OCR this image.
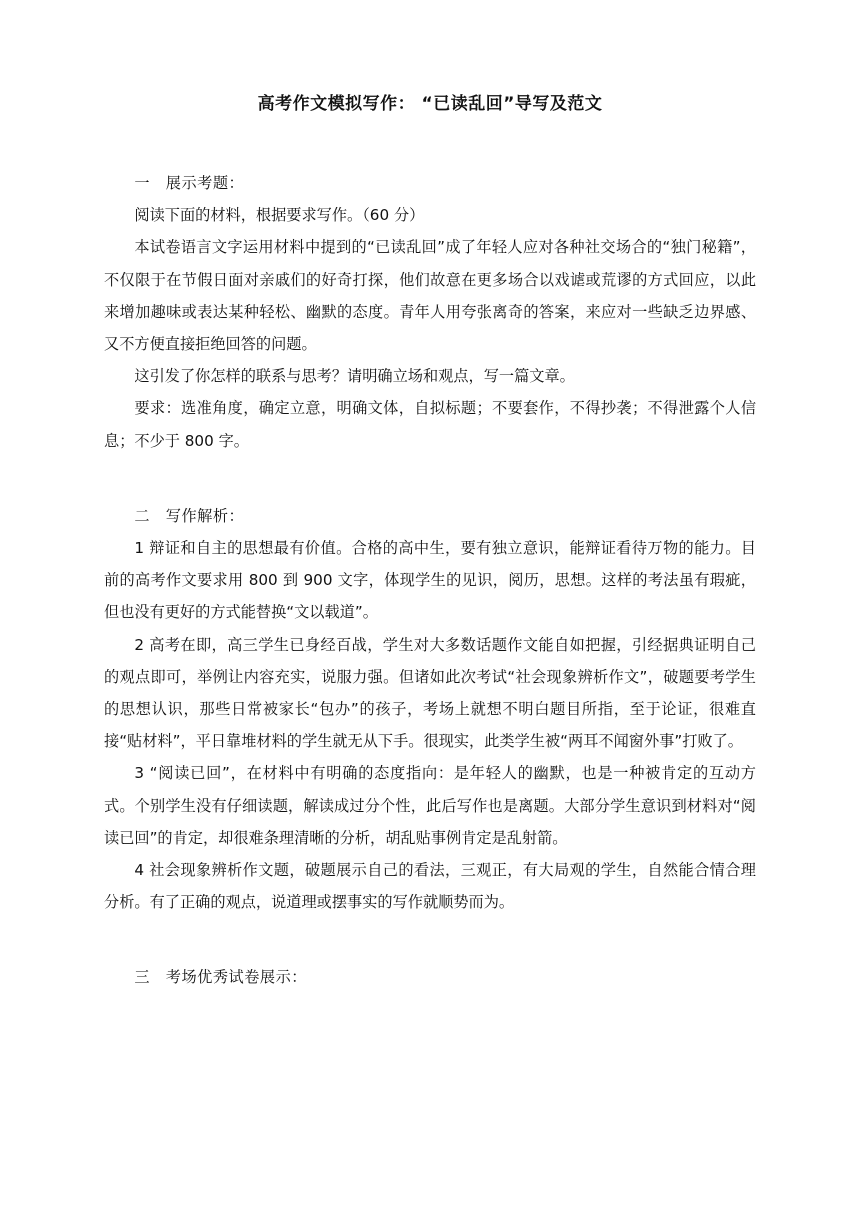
高考作文模拟写作： “已读乱回”导写及范文

一　展示考题：

阅读下面的材料，根据要求写作。（60 分）

本试卷语言文字运用材料中提到的“已读乱回”成了年轻人应对各种社交场合的“独门秘籍”，不仅限于在节假日面对亲戚们的好奇打探，他们故意在更多场合以戏谑或荒谬的方式回应，以此来增加趣味或表达某种轻松、幽默的态度。青年人用夸张离奇的答案，来应对一些缺乏边界感、又不方便直接拒绝回答的问题。

这引发了你怎样的联系与思考？请明确立场和观点，写一篇文章。

要求：选准角度，确定立意，明确文体，自拟标题；不要套作，不得抄袭；不得泄露个人信息；不少于 800 字。

二　写作解析：

1 辩证和自主的思想最有价值。合格的高中生，要有独立意识，能辩证看待万物的能力。目前的高考作文要求用 800 到 900 文字，体现学生的见识，阅历，思想。这样的考法虽有瑕疵，但也没有更好的方式能替换“文以载道”。

2 高考在即，高三学生已身经百战，学生对大多数话题作文能自如把握，引经据典证明自己的观点即可，举例让内容充实，说服力强。但诸如此次考试“社会现象辨析作文”，破题要考学生的思想认识，那些日常被家长“包办”的孩子，考场上就想不明白题目所指，至于论证，很难直接“贴材料”，平日靠堆材料的学生就无从下手。很现实，此类学生被“两耳不闻窗外事”打败了。

3 “阅读已回”，在材料中有明确的态度指向：是年轻人的幽默，也是一种被肯定的互动方式。个别学生没有仔细读题，解读成过分个性，此后写作也是离题。大部分学生意识到材料对“阅读已回”的肯定，却很难条理清晰的分析，胡乱贴事例肯定是乱射箭。

4 社会现象辨析作文题，破题展示自己的看法，三观正，有大局观的学生，自然能合情合理分析。有了正确的观点，说道理或摆事实的写作就顺势而为。

三　考场优秀试卷展示：
